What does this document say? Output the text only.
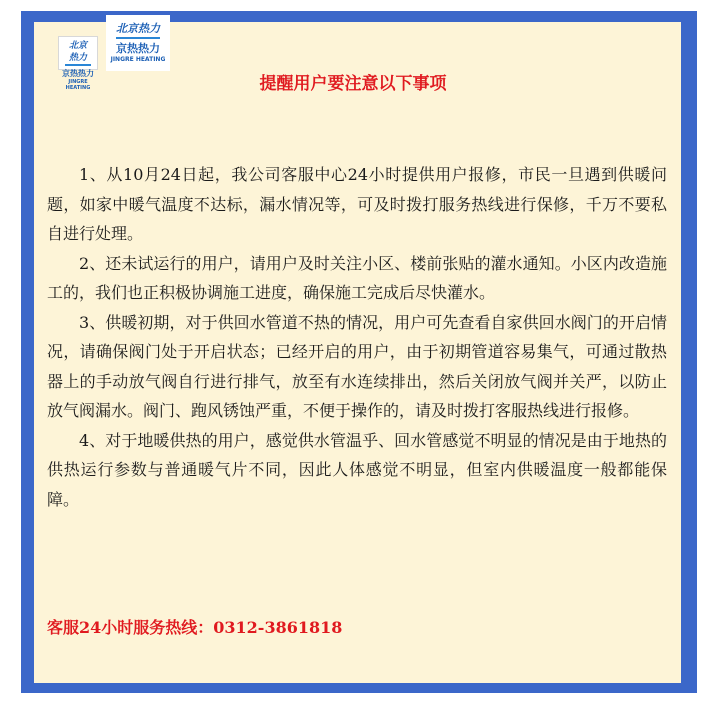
北京热力
京热热力
JINGRE HEATING
北京热力
京热热力
JINGRE HEATING
提醒用户要注意以下事项

1、从10月24日起，我公司客服中心24小时提供用户报修，市民一旦遇到供暖问题，如家中暖气温度不达标，漏水情况等，可及时拨打服务热线进行保修，千万不要私自进行处理。

2、还未试运行的用户，请用户及时关注小区、楼前张贴的灌水通知。小区内改造施工的，我们也正积极协调施工进度，确保施工完成后尽快灌水。

3、供暖初期，对于供回水管道不热的情况，用户可先查看自家供回水阀门的开启情况，请确保阀门处于开启状态；已经开启的用户，由于初期管道容易集气，可通过散热器上的手动放气阀自行进行排气，放至有水连续排出，然后关闭放气阀并关严，以防止放气阀漏水。阀门、跑风锈蚀严重，不便于操作的，请及时拨打客服热线进行报修。

4、对于地暖供热的用户，感觉供水管温乎、回水管感觉不明显的情况是由于地热的供热运行参数与普通暖气片不同，因此人体感觉不明显，但室内供暖温度一般都能保障。

客服24小时服务热线：0312-3861818
